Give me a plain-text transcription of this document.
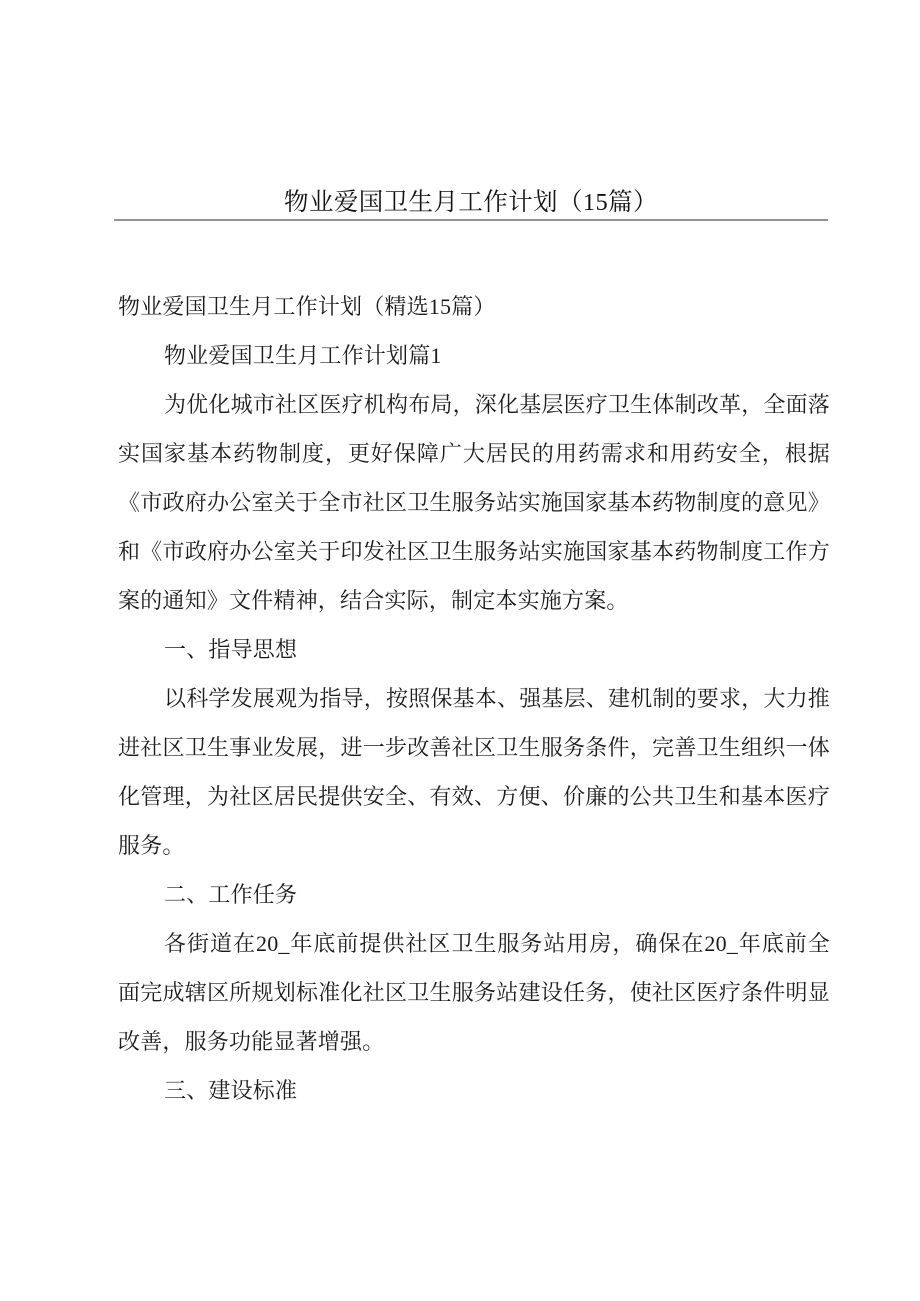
物业爱国卫生月工作计划（15篇）

物业爱国卫生月工作计划（精选15篇）

物业爱国卫生月工作计划篇1

为优化城市社区医疗机构布局，深化基层医疗卫生体制改革，全面落实国家基本药物制度，更好保障广大居民的用药需求和用药安全，根据《市政府办公室关于全市社区卫生服务站实施国家基本药物制度的意见》和《市政府办公室关于印发社区卫生服务站实施国家基本药物制度工作方案的通知》文件精神，结合实际，制定本实施方案。

一、指导思想

以科学发展观为指导，按照保基本、强基层、建机制的要求，大力推进社区卫生事业发展，进一步改善社区卫生服务条件，完善卫生组织一体化管理，为社区居民提供安全、有效、方便、价廉的公共卫生和基本医疗服务。

二、工作任务

各街道在20_年底前提供社区卫生服务站用房，确保在20_年底前全面完成辖区所规划标准化社区卫生服务站建设任务，使社区医疗条件明显改善，服务功能显著增强。

三、建设标准
